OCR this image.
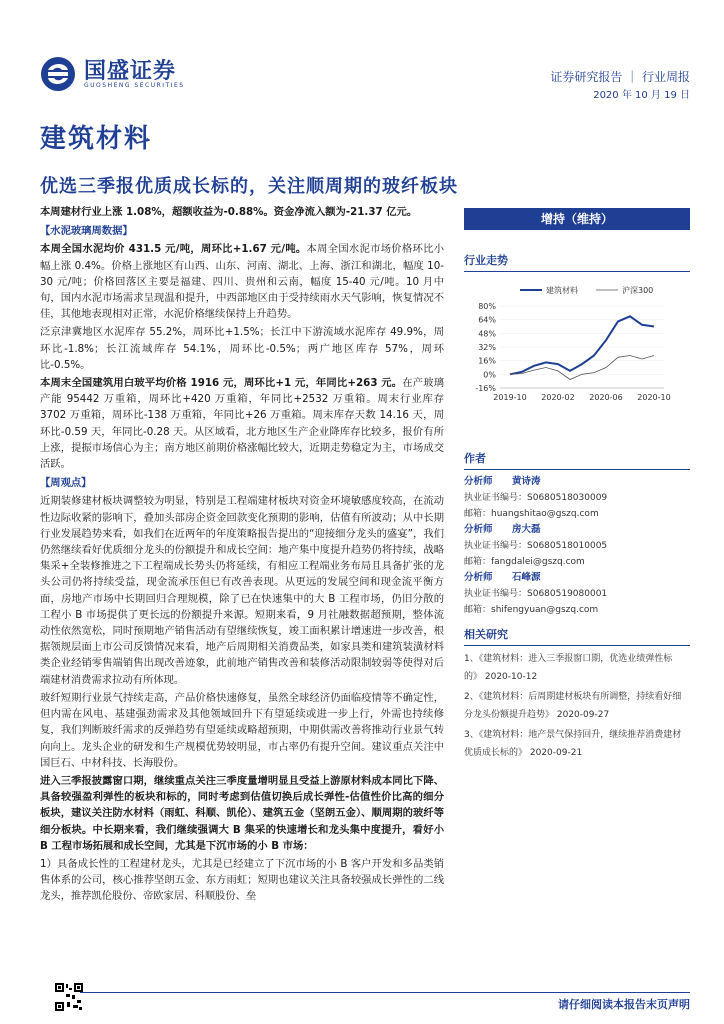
国盛证券
GUOSHENG SECURITIES
证券研究报告 ｜ 行业周报
2020 年 10 月 19 日
建筑材料
优选三季报优质成长标的，关注顺周期的玻纤板块

本周建材行业上涨 1.08%，超额收益为-0.88%。资金净流入额为-21.37 亿元。

【水泥玻璃周数据】

本周全国水泥均价 431.5 元/吨，周环比+1.67 元/吨。本周全国水泥市场价格环比小幅上涨 0.4%。价格上涨地区有山西、山东、河南、湖北、上海、浙江和湖北，幅度 10-30 元/吨；价格回落区主要是福建、四川、贵州和云南，幅度 15-40 元/吨。10 月中旬，国内水泥市场需求呈现温和提升，中西部地区由于受持续雨水天气影响，恢复情况不佳，其他地表现相对正常，水泥价格继续保持上升趋势。

泛京津冀地区水泥库存 55.2%，周环比+1.5%；长江中下游流域水泥库存 49.9%，周环比-1.8%；长江流域库存 54.1%，周环比-0.5%；两广地区库存 57%，周环比-0.5%。

本周末全国建筑用白玻平均价格 1916 元，周环比+1 元，年同比+263 元。在产玻璃产能 95442 万重箱，周环比+420 万重箱，年同比+2532 万重箱。周末行业库存 3702 万重箱，周环比-138 万重箱，年同比+26 万重箱。周末库存天数 14.16 天，周环比-0.59 天，年同比-0.28 天。从区域看，北方地区生产企业降库存比较多，报价有所上涨，提振市场信心为主；南方地区前期价格涨幅比较大，近期走势稳定为主，市场成交活跃。

【周观点】

近期装修建材板块调整较为明显，特别是工程端建材板块对资金环境敏感度较高，在流动性边际收紧的影响下，叠加头部房企资金回款变化预期的影响，估值有所波动；从中长期行业发展趋势来看，如我们在近两年的年度策略报告提出的“迎接细分龙头的盛宴”，我们仍然继续看好优质细分龙头的份额提升和成长空间：地产集中度提升趋势仍将持续，战略集采+全装修推进之下工程端成长势头仍将延续，有相应工程端业务布局且具备扩张的龙头公司仍将持续受益，现金流承压但已有改善表现。从更远的发展空间和现金流平衡方面，房地产市场中长期回归合理规模，除了已在快速集中的大 B 工程市场，仍旧分散的工程小 B 市场提供了更长远的份额提升来源。短期来看，9 月社融数据超预期，整体流动性依然宽松，同时预期地产销售活动有望继续恢复，竣工面积累计增速进一步改善，根据领规层面上市公司反馈情况来看，地产后周期相关消费品类，如家具类和建筑装潢材料类企业经销零售端销售出现改善迹象，此前地产销售改善和装修活动限制较弱等使得对后端建材消费需求拉动有所体现。

玻纤短期行业景气持续走高，产品价格快速修复，虽然全球经济仍面临疫情等不确定性，但内需在风电、基建强劲需求及其他领域回升下有望延续或进一步上行，外需也持续修复，我们判断玻纤需求的反弹趋势有望延续或略超预期，中期供需改善将推动行业景气转向向上。龙头企业的研发和生产规模优势较明显，市占率仍有提升空间。建议重点关注中国巨石、中材科技、长海股份。

进入三季报披露窗口期，继续重点关注三季度量增明显且受益上游原材料成本同比下降、具备较强盈利弹性的板块和标的，同时考虑到估值切换后成长弹性-估值性价比高的细分板块，建议关注防水材料（雨虹、科顺、凯伦）、建筑五金（坚朗五金）、顺周期的玻纤等细分板块。中长期来看，我们继续强调大 B 集采的快速增长和龙头集中度提升，看好小 B 工程市场拓展和成长空间，尤其是下沉市场的小 B 市场：

1）具备成长性的工程建材龙头，尤其是已经建立了下沉市场的小 B 客户开发和多品类销售体系的公司，核心推荐坚朗五金、东方雨虹；短期也建议关注具备较强成长弹性的二线龙头，推荐凯伦股份、帝欧家居、科顺股份、垒

增持（维持）
行业走势
80%
64%
48%
32%
16%
0%
-16%
2019-10 2020-02 2020-06 2020-10
建筑材料	沪深300
作者
分析师	黄诗涛
执业证书编号：S0680518030009
邮箱：huangshitao@gszq.com
分析师	房大磊
执业证书编号：S0680518010005
邮箱：fangdalei@gszq.com
分析师	石峰源
执业证书编号：S0680519080001
邮箱：shifengyuan@gszq.com
相关研究
1、《建筑材料：进入三季报窗口期，优选业绩弹性标的》 2020-10-12
2、《建筑材料：后周期建材板块有所调整，持续看好细分龙头份额提升趋势》 2020-09-27
3、《建筑材料：地产景气保持回升，继续推荐消费建材优质成长标的》 2020-09-21
请仔细阅读本报告末页声明
